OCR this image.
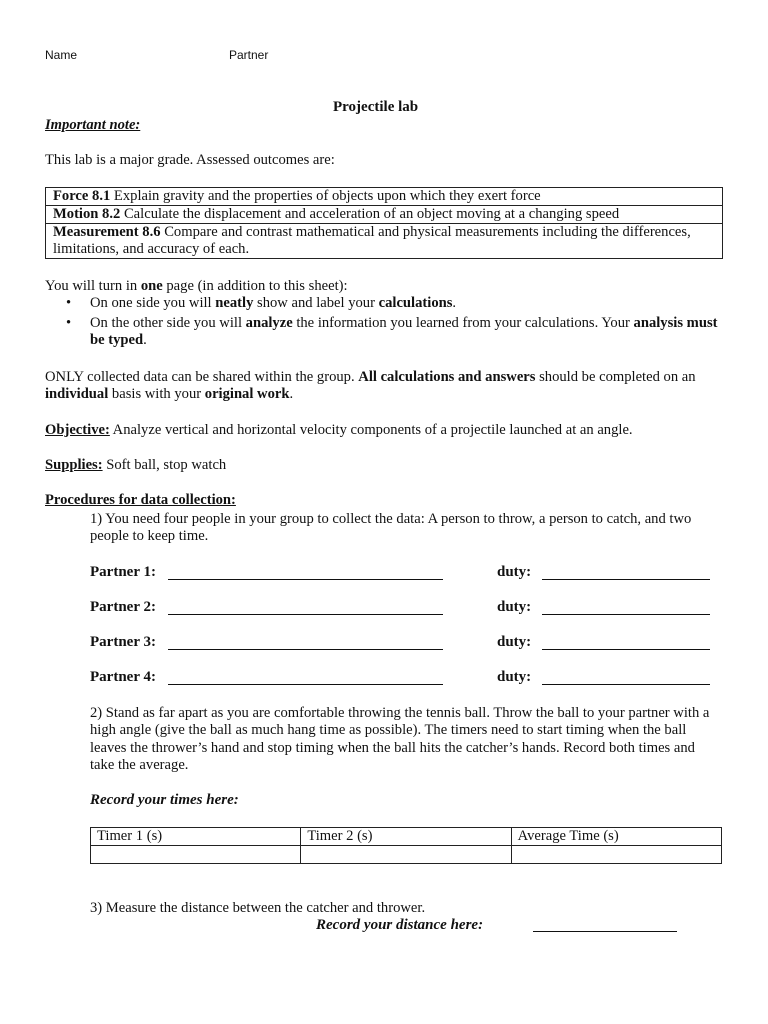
Name	Partner
Projectile lab
Important note:
This lab is a major grade. Assessed outcomes are:
Force 8.1 Explain gravity and the properties of objects upon which they exert force
Motion 8.2 Calculate the displacement and acceleration of an object moving at a changing speed
Measurement 8.6 Compare and contrast mathematical and physical measurements including the differences, limitations, and accuracy of each.
You will turn in one page (in addition to this sheet):
• On one side you will neatly show and label your calculations.
• On the other side you will analyze the information you learned from your calculations. Your analysis must be typed.
ONLY collected data can be shared within the group. All calculations and answers should be completed on an individual basis with your original work.
Objective: Analyze vertical and horizontal velocity components of a projectile launched at an angle.
Supplies: Soft ball, stop watch
Procedures for data collection:
1) You need four people in your group to collect the data: A person to throw, a person to catch, and two people to keep time.
Partner 1:	duty:
Partner 2:	duty:
Partner 3:	duty:
Partner 4:	duty:
2) Stand as far apart as you are comfortable throwing the tennis ball. Throw the ball to your partner with a high angle (give the ball as much hang time as possible). The timers need to start timing when the ball leaves the thrower’s hand and stop timing when the ball hits the catcher’s hands. Record both times and take the average.
Record your times here:
Timer 1 (s)	Timer 2 (s)	Average Time (s)

3) Measure the distance between the catcher and thrower.
Record your distance here:
